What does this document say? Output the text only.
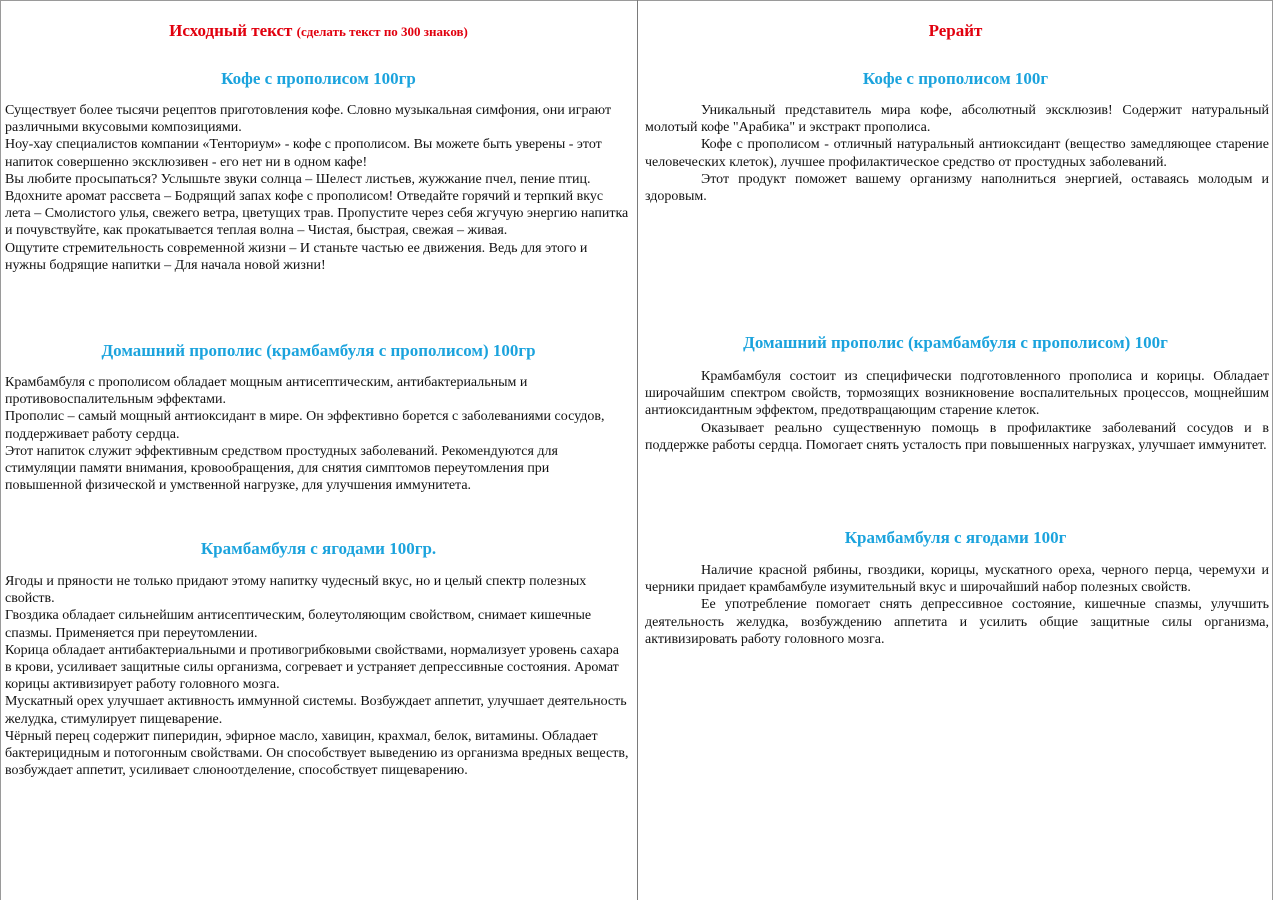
Исходный текст (сделать текст по 300 знаков)
Кофе с прополисом 100гр

Существует более тысячи рецептов приготовления кофе. Словно музыкальная симфония, они играют различными вкусовыми композициями.

Ноу-хау специалистов компании «Тенториум» - кофе с прополисом. Вы можете быть уверены - этот напиток совершенно эксклюзивен - его нет ни в одном кафе!

Вы любите просыпаться? Услышьте звуки солнца – Шелест листьев, жужжание пчел, пение птиц. Вдохните аромат рассвета – Бодрящий запах кофе с прополисом! Отведайте горячий и терпкий вкус лета – Смолистого улья, свежего ветра, цветущих трав. Пропустите через себя жгучую энергию напитка и почувствуйте, как прокатывается теплая волна – Чистая, быстрая, свежая – живая.

Ощутите стремительность современной жизни – И станьте частью ее движения. Ведь для этого и нужны бодрящие напитки – Для начала новой жизни!

Домашний прополис (крамбамбуля с прополисом) 100гр

Крамбамбуля с прополисом обладает мощным антисептическим, антибактериальным и противовоспалительным эффектами.

Прополис – самый мощный антиоксидант в мире. Он эффективно борется с заболеваниями сосудов, поддерживает работу сердца.

Этот напиток служит эффективным средством простудных заболеваний. Рекомендуются для стимуляции памяти внимания, кровообращения, для снятия симптомов переутомления при повышенной физической и умственной нагрузке, для улучшения иммунитета.

Крамбамбуля с ягодами 100гр.

Ягоды и пряности не только придают этому напитку чудесный вкус, но и целый спектр полезных свойств.

Гвоздика обладает сильнейшим антисептическим, болеутоляющим свойством, снимает кишечные спазмы. Применяется при переутомлении.

Корица обладает антибактериальными и противогрибковыми свойствами, нормализует уровень сахара в крови, усиливает защитные силы организма, согревает и устраняет депрессивные состояния. Аромат корицы активизирует работу головного мозга.

Мускатный орех улучшает активность иммунной системы. Возбуждает аппетит, улучшает деятельность желудка, стимулирует пищеварение.

Чёрный перец содержит пиперидин, эфирное масло, хавицин, крахмал, белок, витамины. Обладает бактерицидным и потогонным свойствами. Он способствует выведению из организма вредных веществ, возбуждает аппетит, усиливает слюноотделение, способствует пищеварению.

Рерайт
Кофе с прополисом 100г

Уникальный представитель мира кофе, абсолютный эксклюзив! Содержит натуральный молотый кофе "Арабика" и экстракт прополиса.

Кофе с прополисом - отличный натуральный антиоксидант (вещество замедляющее старение человеческих клеток), лучшее профилактическое средство от простудных заболеваний.

Этот продукт поможет вашему организму наполниться энергией, оставаясь молодым и здоровым.

Домашний прополис (крамбамбуля с прополисом) 100г

Крамбамбуля состоит из специфически подготовленного прополиса и корицы. Обладает широчайшим спектром свойств, тормозящих возникновение воспалительных процессов, мощнейшим антиоксидантным эффектом, предотвращающим старение клеток.

Оказывает реально существенную помощь в профилактике заболеваний сосудов и в поддержке работы сердца. Помогает снять усталость при повышенных нагрузках, улучшает иммунитет.

Крамбамбуля с ягодами 100г

Наличие красной рябины, гвоздики, корицы, мускатного ореха, черного перца, черемухи и черники придает крамбамбуле изумительный вкус и широчайший набор полезных свойств.

Ее употребление помогает снять депрессивное состояние, кишечные спазмы, улучшить деятельность желудка, возбуждению аппетита и усилить общие защитные силы организма, активизировать работу головного мозга.
